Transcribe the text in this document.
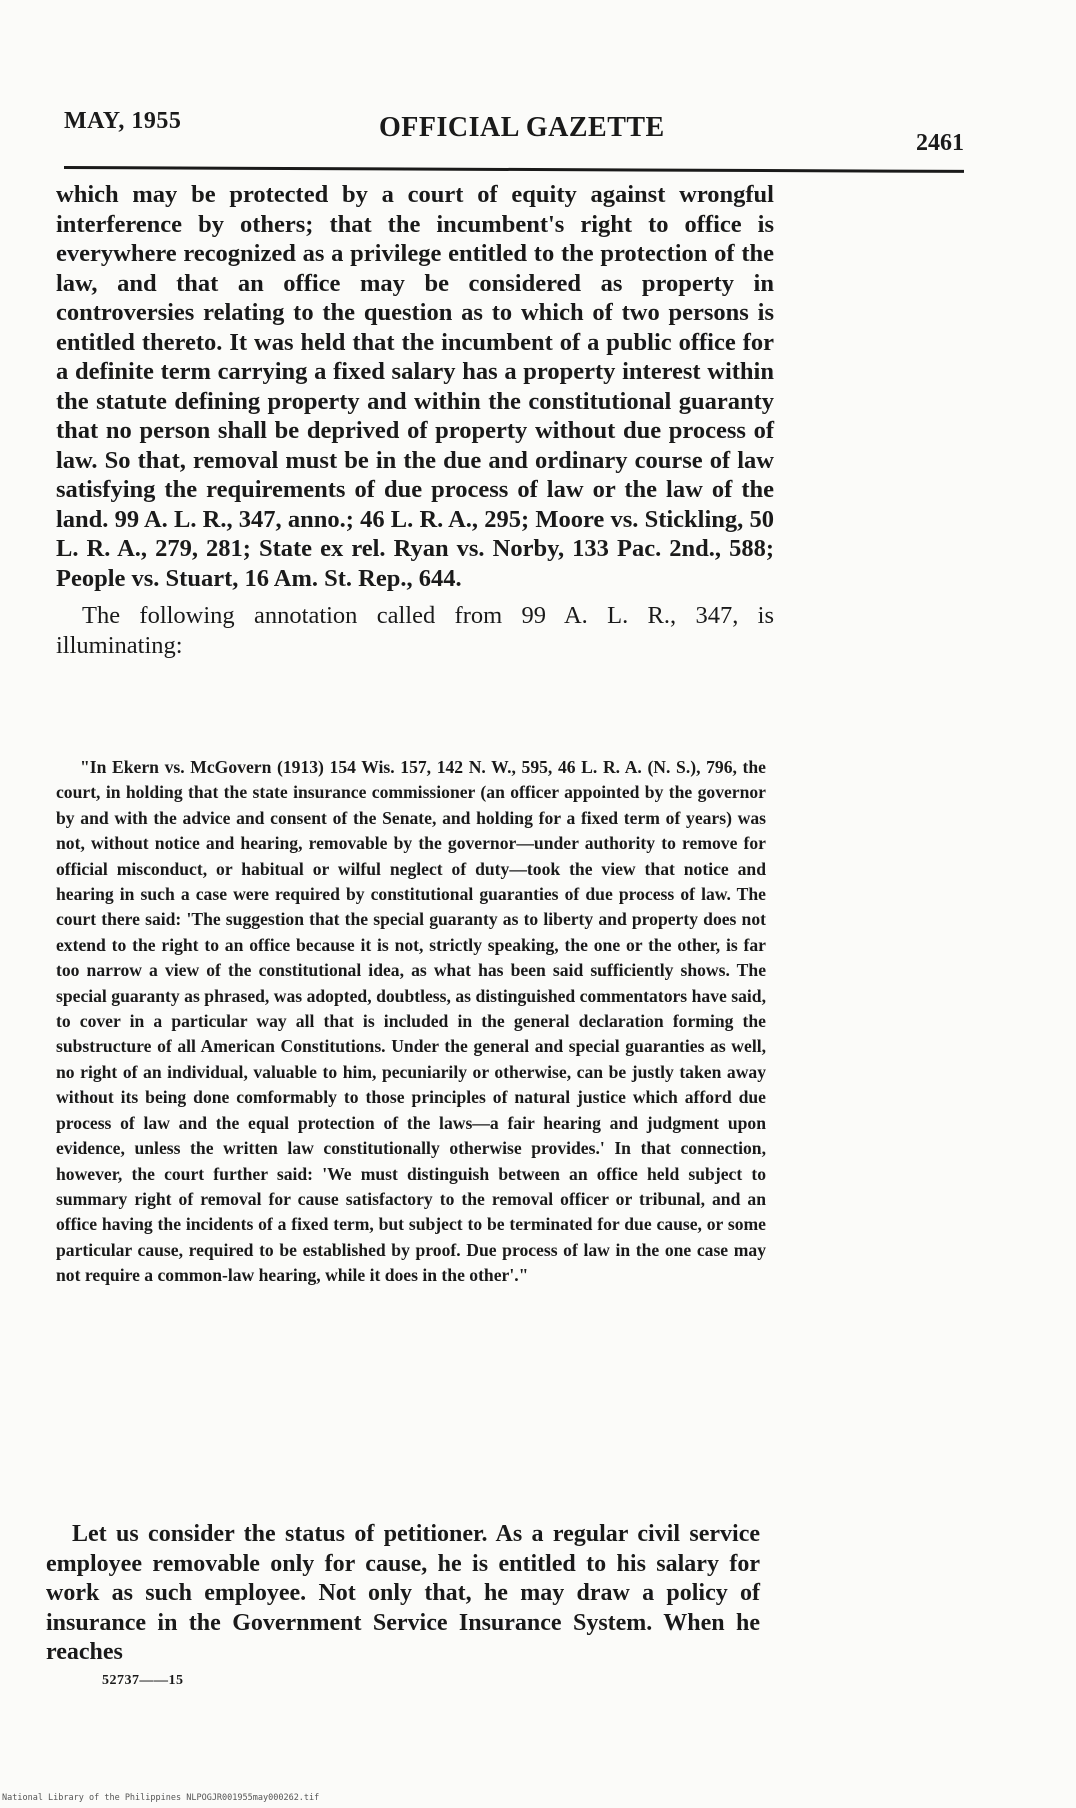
MAY, 1955	OFFICIAL GAZETTE	2461

which may be protected by a court of equity against wrongful interference by others; that the incumbent's right to office is everywhere recognized as a privilege entitled to the protection of the law, and that an office may be considered as property in controversies relating to the question as to which of two persons is entitled thereto. It was held that the incumbent of a public office for a definite term carrying a fixed salary has a property interest within the statute defining property and within the constitutional guaranty that no person shall be deprived of property without due process of law. So that, removal must be in the due and ordinary course of law satisfying the requirements of due process of law or the law of the land. 99 A. L. R., 347, anno.; 46 L. R. A., 295; Moore vs. Stickling, 50 L. R. A., 279, 281; State ex rel. Ryan vs. Norby, 133 Pac. 2nd., 588; People vs. Stuart, 16 Am. St. Rep., 644.

The following annotation called from 99 A. L. R., 347, is illuminating:

"In Ekern vs. McGovern (1913) 154 Wis. 157, 142 N. W., 595, 46 L. R. A. (N. S.), 796, the court, in holding that the state insurance commissioner (an officer appointed by the governor by and with the advice and consent of the Senate, and holding for a fixed term of years) was not, without notice and hearing, removable by the governor—under authority to remove for official misconduct, or habitual or wilful neglect of duty—took the view that notice and hearing in such a case were required by constitutional guaranties of due process of law. The court there said: 'The suggestion that the special guaranty as to liberty and property does not extend to the right to an office because it is not, strictly speaking, the one or the other, is far too narrow a view of the constitutional idea, as what has been said sufficiently shows. The special guaranty as phrased, was adopted, doubtless, as distinguished commentators have said, to cover in a particular way all that is included in the general declaration forming the substructure of all American Constitutions. Under the general and special guaranties as well, no right of an individual, valuable to him, pecuniarily or otherwise, can be justly taken away without its being done comformably to those principles of natural justice which afford due process of law and the equal protection of the laws—a fair hearing and judgment upon evidence, unless the written law constitutionally otherwise provides.' In that connection, however, the court further said: 'We must distinguish between an office held subject to summary right of removal for cause satisfactory to the removal officer or tribunal, and an office having the incidents of a fixed term, but subject to be terminated for due cause, or some particular cause, required to be established by proof. Due process of law in the one case may not require a common-law hearing, while it does in the other'."
Let us consider the status of petitioner. As a regular civil service employee removable only for cause, he is entitled to his salary for work as such employee. Not only that, he may draw a policy of insurance in the Government Service Insurance System. When he reaches
52737——15
National Library of the Philippines NLPOGJR001955may000262.tif
